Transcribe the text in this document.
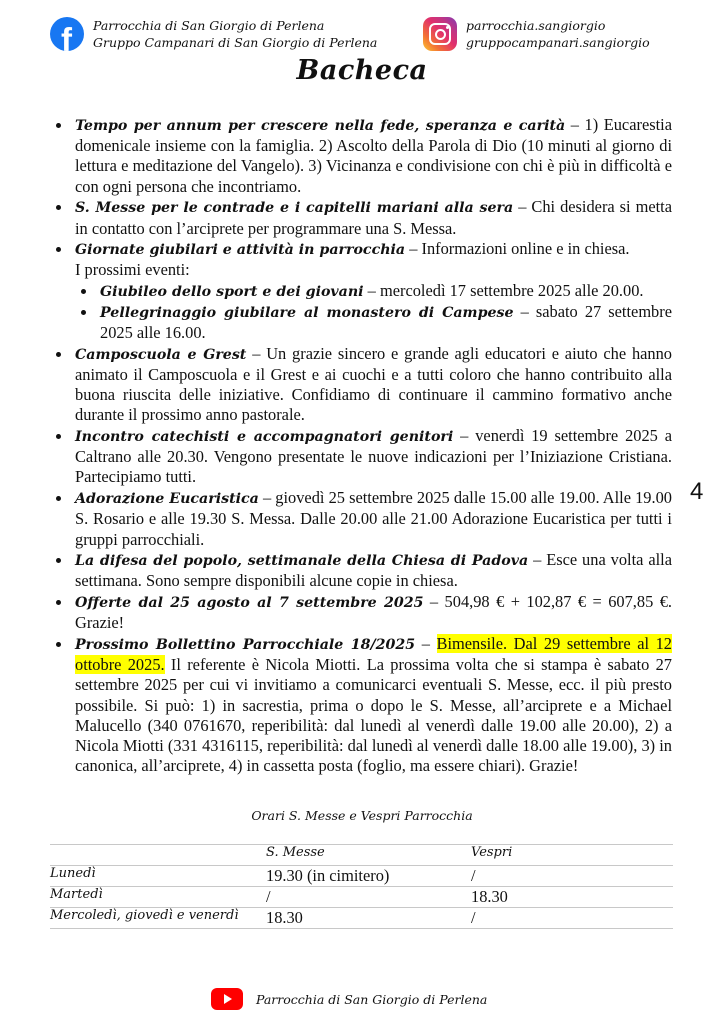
f Parrocchia di San Giorgio di Perlena
Gruppo Campanari di San Giorgio di Perlena
parrocchia.sangiorgio
gruppocampanari.sangiorgio
Bacheca
Tempo per annum per crescere nella fede, speranza e carità – 1) Eucarestia domenicale insieme con la famiglia. 2) Ascolto della Parola di Dio (10 minuti al giorno di lettura e meditazione del Vangelo). 3) Vicinanza e condivisione con chi è più in difficoltà e con ogni persona che incontriamo.
S. Messe per le contrade e i capitelli mariani alla sera – Chi desidera si metta in contatto con l’arciprete per programmare una S. Messa.
Giornate giubilari e attività in parrocchia – Informazioni online e in chiesa.
I prossimi eventi:
Giubileo dello sport e dei giovani – mercoledì 17 settembre 2025 alle 20.00.
Pellegrinaggio giubilare al monastero di Campese – sabato 27 settembre 2025 alle 16.00.
Camposcuola e Grest – Un grazie sincero e grande agli educatori e aiuto che hanno animato il Camposcuola e il Grest e ai cuochi e a tutti coloro che hanno contribuito alla buona riuscita delle iniziative. Confidiamo di continuare il cammino formativo anche durante il prossimo anno pastorale.
Incontro catechisti e accompagnatori genitori – venerdì 19 settembre 2025 a Caltrano alle 20.30. Vengono presentate le nuove indicazioni per l’Iniziazione Cristiana. Partecipiamo tutti.
Adorazione Eucaristica – giovedì 25 settembre 2025 dalle 15.00 alle 19.00. Alle 19.00 S. Rosario e alle 19.30 S. Messa. Dalle 20.00 alle 21.00 Adorazione Eucaristica per tutti i gruppi parrocchiali.
La difesa del popolo, settimanale della Chiesa di Padova – Esce una volta alla settimana. Sono sempre disponibili alcune copie in chiesa.
Offerte dal 25 agosto al 7 settembre 2025 – 504,98 € + 102,87 € = 607,85 €. Grazie!
Prossimo Bollettino Parrocchiale 18/2025 – Bimensile. Dal 29 settembre al 12 ottobre 2025. Il referente è Nicola Miotti. La prossima volta che si stampa è sabato 27 settembre 2025 per cui vi invitiamo a comunicarci eventuali S. Messe, ecc. il più presto possibile. Si può: 1) in sacrestia, prima o dopo le S. Messe, all’arciprete e a Michael Malucello (340 0761670, reperibilità: dal lunedì al venerdì dalle 19.00 alle 20.00), 2) a Nicola Miotti (331 4316115, reperibilità: dal lunedì al venerdì dalle 18.00 alle 19.00), 3) in canonica, all’arciprete, 4) in cassetta posta (foglio, ma essere chiari). Grazie!
4
Orari S. Messe e Vespri Parrocchia
	S. Messe	Vespri
Lunedì	19.30 (in cimitero)	/
Martedì	/	18.30
Mercoledì, giovedì e venerdì	18.30	/
Parrocchia di San Giorgio di Perlena
